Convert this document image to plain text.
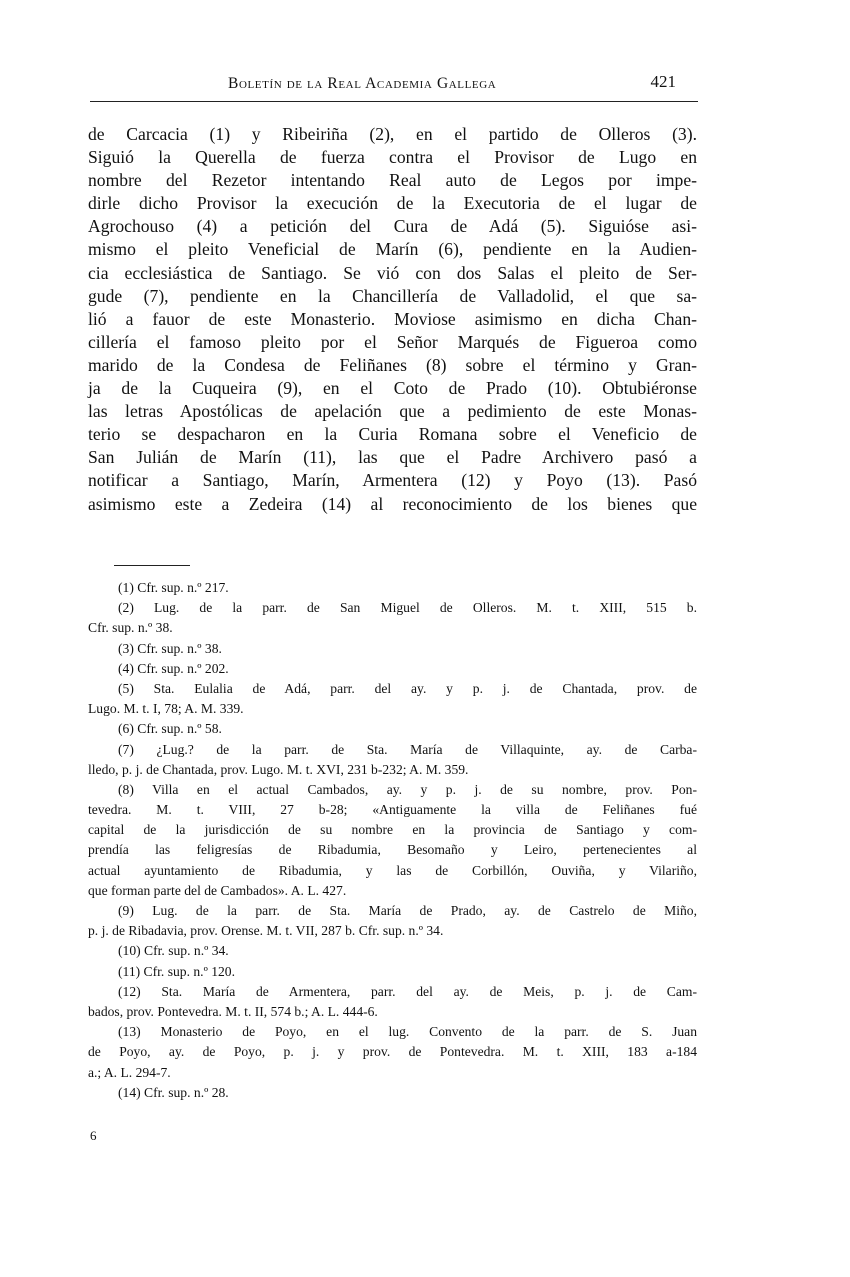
Boletín de la Real Academia Gallega	421
de Carcacia (1) y Ribeiriña (2), en el partido de Olleros (3).
Siguió la Querella de fuerza contra el Provisor de Lugo en
nombre del Rezetor intentando Real auto de Legos por impe-
dirle dicho Provisor la execución de la Executoria de el lugar de
Agrochouso (4) a petición del Cura de Adá (5). Siguióse asi-
mismo el pleito Veneficial de Marín (6), pendiente en la Audien-
cia ecclesiástica de Santiago. Se vió con dos Salas el pleito de Ser-
gude (7), pendiente en la Chancillería de Valladolid, el que sa-
lió a fauor de este Monasterio. Moviose asimismo en dicha Chan-
cillería el famoso pleito por el Señor Marqués de Figueroa como
marido de la Condesa de Feliñanes (8) sobre el término y Gran-
ja de la Cuqueira (9), en el Coto de Prado (10). Obtubiéronse
las letras Apostólicas de apelación que a pedimiento de este Monas-
terio se despacharon en la Curia Romana sobre el Veneficio de
San Julián de Marín (11), las que el Padre Archivero pasó a
notificar a Santiago, Marín, Armentera (12) y Poyo (13). Pasó
asimismo este a Zedeira (14) al reconocimiento de los bienes que
(1) Cfr. sup. n.º 217.
(2) Lug. de la parr. de San Miguel de Olleros. M. t. XIII, 515 b.
Cfr. sup. n.º 38.
(3) Cfr. sup. n.º 38.
(4) Cfr. sup. n.º 202.
(5) Sta. Eulalia de Adá, parr. del ay. y p. j. de Chantada, prov. de
Lugo. M. t. I, 78; A. M. 339.
(6) Cfr. sup. n.º 58.
(7) ¿Lug.? de la parr. de Sta. María de Villaquinte, ay. de Carba-
lledo, p. j. de Chantada, prov. Lugo. M. t. XVI, 231 b-232; A. M. 359.
(8) Villa en el actual Cambados, ay. y p. j. de su nombre, prov. Pon-
tevedra. M. t. VIII, 27 b-28; «Antiguamente la villa de Feliñanes fué
capital de la jurisdicción de su nombre en la provincia de Santiago y com-
prendía las feligresías de Ribadumia, Besomaño y Leiro, pertenecientes al
actual ayuntamiento de Ribadumia, y las de Corbillón, Ouviña, y Vilariño,
que forman parte del de Cambados». A. L. 427.
(9) Lug. de la parr. de Sta. María de Prado, ay. de Castrelo de Miño,
p. j. de Ribadavia, prov. Orense. M. t. VII, 287 b. Cfr. sup. n.º 34.
(10) Cfr. sup. n.º 34.
(11) Cfr. sup. n.º 120.
(12) Sta. María de Armentera, parr. del ay. de Meis, p. j. de Cam-
bados, prov. Pontevedra. M. t. II, 574 b.; A. L. 444-6.
(13) Monasterio de Poyo, en el lug. Convento de la parr. de S. Juan
de Poyo, ay. de Poyo, p. j. y prov. de Pontevedra. M. t. XIII, 183 a-184
a.; A. L. 294-7.
(14) Cfr. sup. n.º 28.
6
